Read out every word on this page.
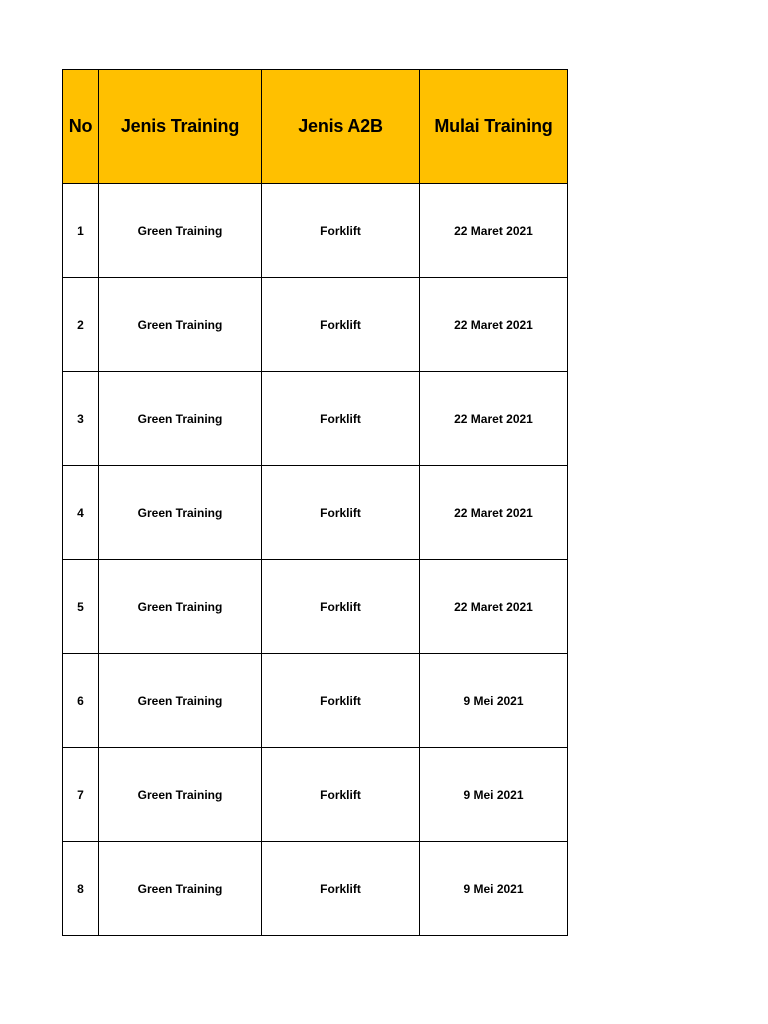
No	Jenis Training	Jenis A2B	Mulai Training
1	Green Training	Forklift	22 Maret 2021
2	Green Training	Forklift	22 Maret 2021
3	Green Training	Forklift	22 Maret 2021
4	Green Training	Forklift	22 Maret 2021
5	Green Training	Forklift	22 Maret 2021
6	Green Training	Forklift	9 Mei 2021
7	Green Training	Forklift	9 Mei 2021
8	Green Training	Forklift	9 Mei 2021
